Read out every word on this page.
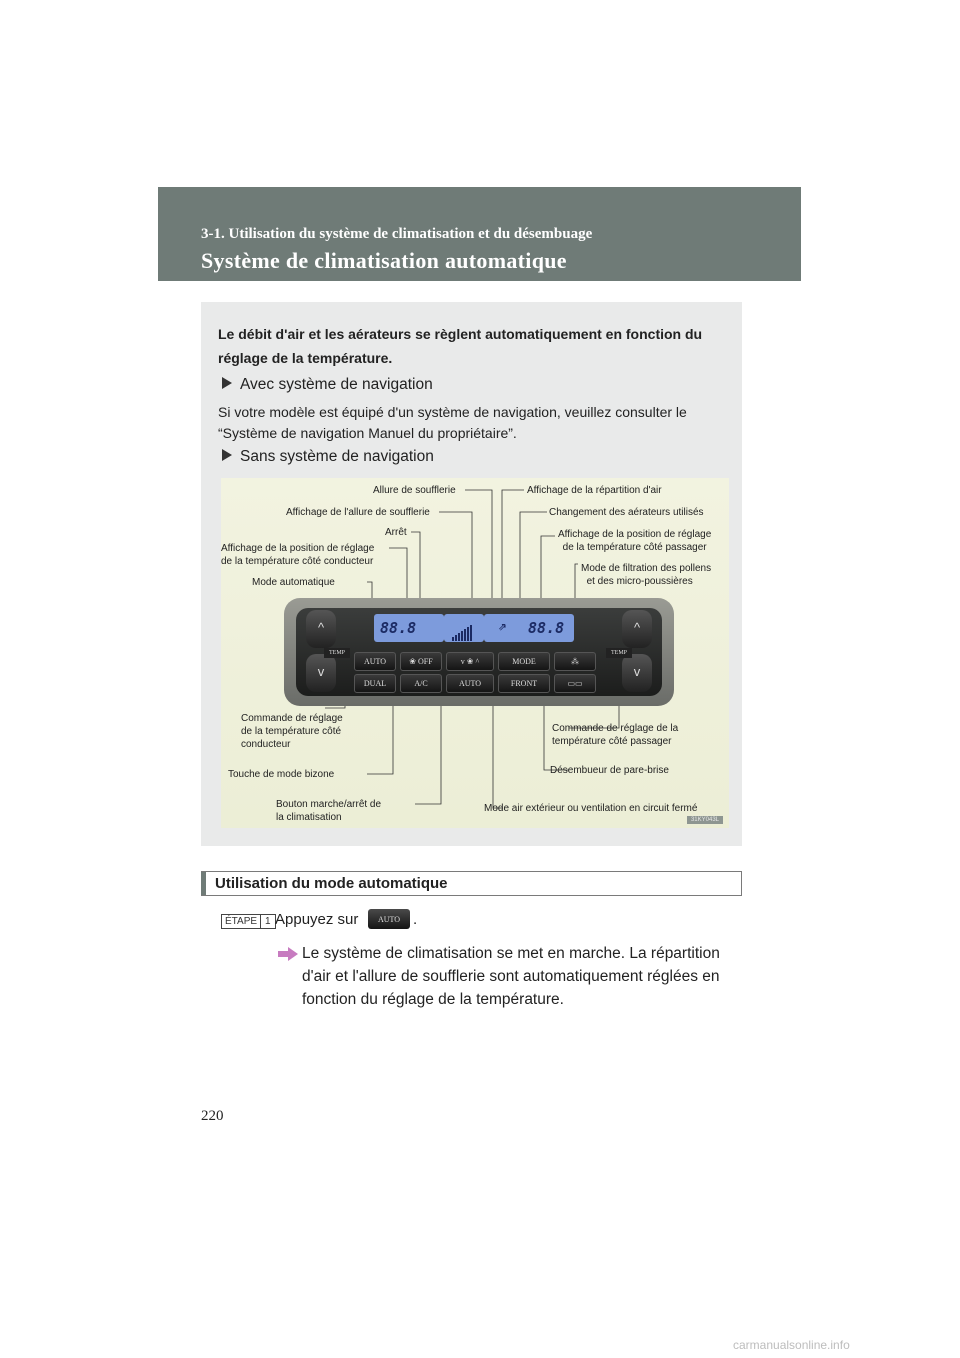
3-1. Utilisation du système de climatisation et du désembuage
Système de climatisation automatique
Le débit d'air et les aérateurs se règlent automatiquement en fonction du réglage de la température.
Avec système de navigation
Si votre modèle est équipé d'un système de navigation, veuillez consulter le “Système de navigation Manuel du propriétaire”.
Sans système de navigation
88.8	⇗ 88.8
^
v
TEMP
^
v
TEMP
AUTO	❀ OFF	v ❀ ^	MODE	⁂
DUAL	A/C	AUTO	FRONT	▭▭
Allure de soufflerie	Affichage de la répartition d'air
Affichage de l'allure de soufflerie	Changement des aérateurs utilisés
Arrêt	Affichage de la position de réglage
de la température côté passager
Affichage de la position de réglage
de la température côté conducteur
Mode de filtration des pollens
et des micro-poussières
Mode automatique
Commande de réglage
de la température côté
conducteur
Commande de réglage de la
température côté passager
Touche de mode bizone	Désembueur de pare-brise
Bouton marche/arrêt de
la climatisation
Mode air extérieur ou ventilation en circuit fermé
31KY043L
Utilisation du mode automatique
ÉTAPE 1 Appuyez sur	AUTO .
Le système de climatisation se met en marche. La répartition d'air et l'allure de soufflerie sont automatiquement réglées en fonction du réglage de la température.
220
carmanualsonline.info
